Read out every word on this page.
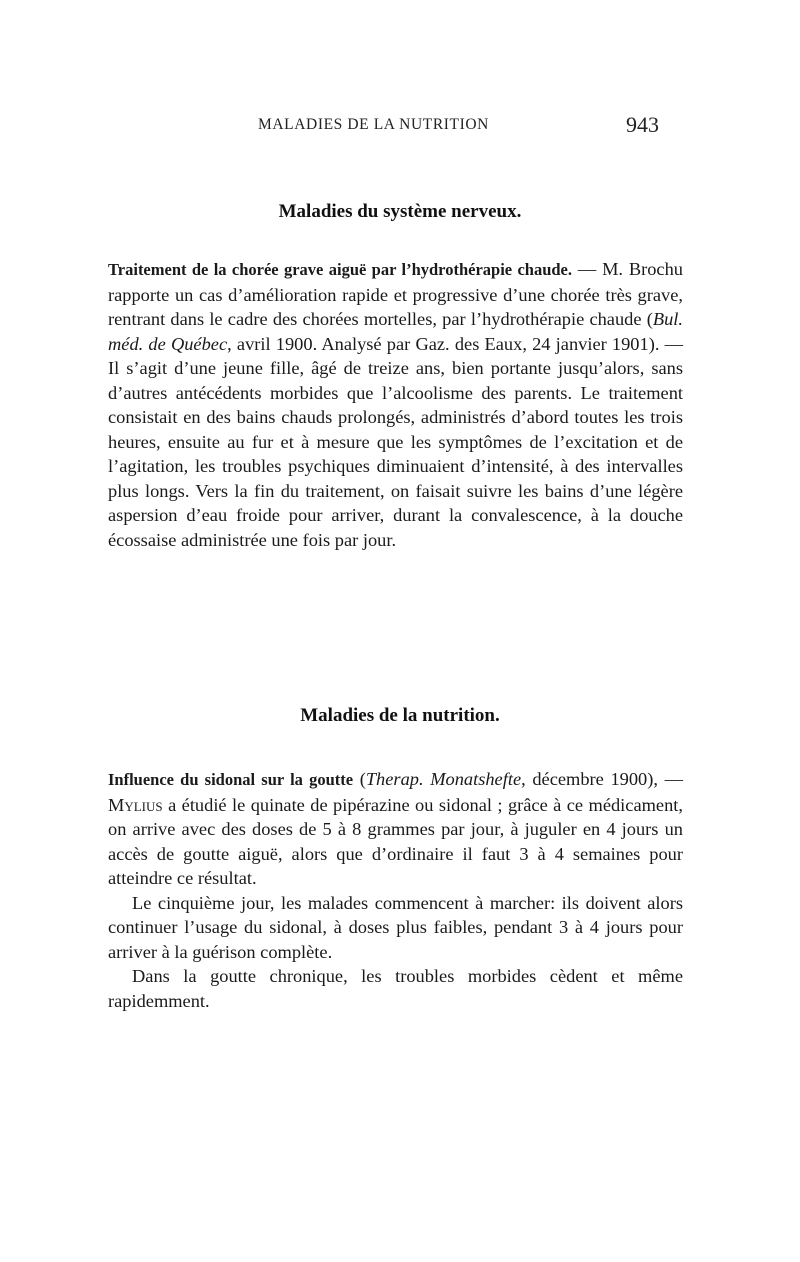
MALADIES DE LA NUTRITION	943
Maladies du système nerveux.

Traitement de la chorée grave aiguë par l’hydrothérapie chaude. — M. Brochu rapporte un cas d’amélioration rapide et progressive d’une chorée très grave, rentrant dans le cadre des chorées mortelles, par l’hydrothérapie chaude (Bul. méd. de Québec, avril 1900. Analysé par Gaz. des Eaux, 24 janvier 1901). — Il s’agit d’une jeune fille, âgé de treize ans, bien portante jusqu’alors, sans d’autres antécédents morbides que l’alcoolisme des parents. Le traitement consistait en des bains chauds prolongés, administrés d’abord toutes les trois heures, ensuite au fur et à mesure que les symptômes de l’excitation et de l’agitation, les troubles psychiques diminuaient d’intensité, à des intervalles plus longs. Vers la fin du traitement, on faisait suivre les bains d’une légère aspersion d’eau froide pour arriver, durant la convalescence, à la douche écossaise administrée une fois par jour.

Maladies de la nutrition.

Influence du sidonal sur la goutte (Therap. Monatshefte, décembre 1900), — Mylius a étudié le quinate de pipérazine ou sidonal ; grâce à ce médicament, on arrive avec des doses de 5 à 8 grammes par jour, à juguler en 4 jours un accès de goutte aiguë, alors que d’ordinaire il faut 3 à 4 semaines pour atteindre ce résultat.

Le cinquième jour, les malades commencent à marcher: ils doivent alors continuer l’usage du sidonal, à doses plus faibles, pendant 3 à 4 jours pour arriver à la guérison complète.

Dans la goutte chronique, les troubles morbides cèdent et même rapidemment.
